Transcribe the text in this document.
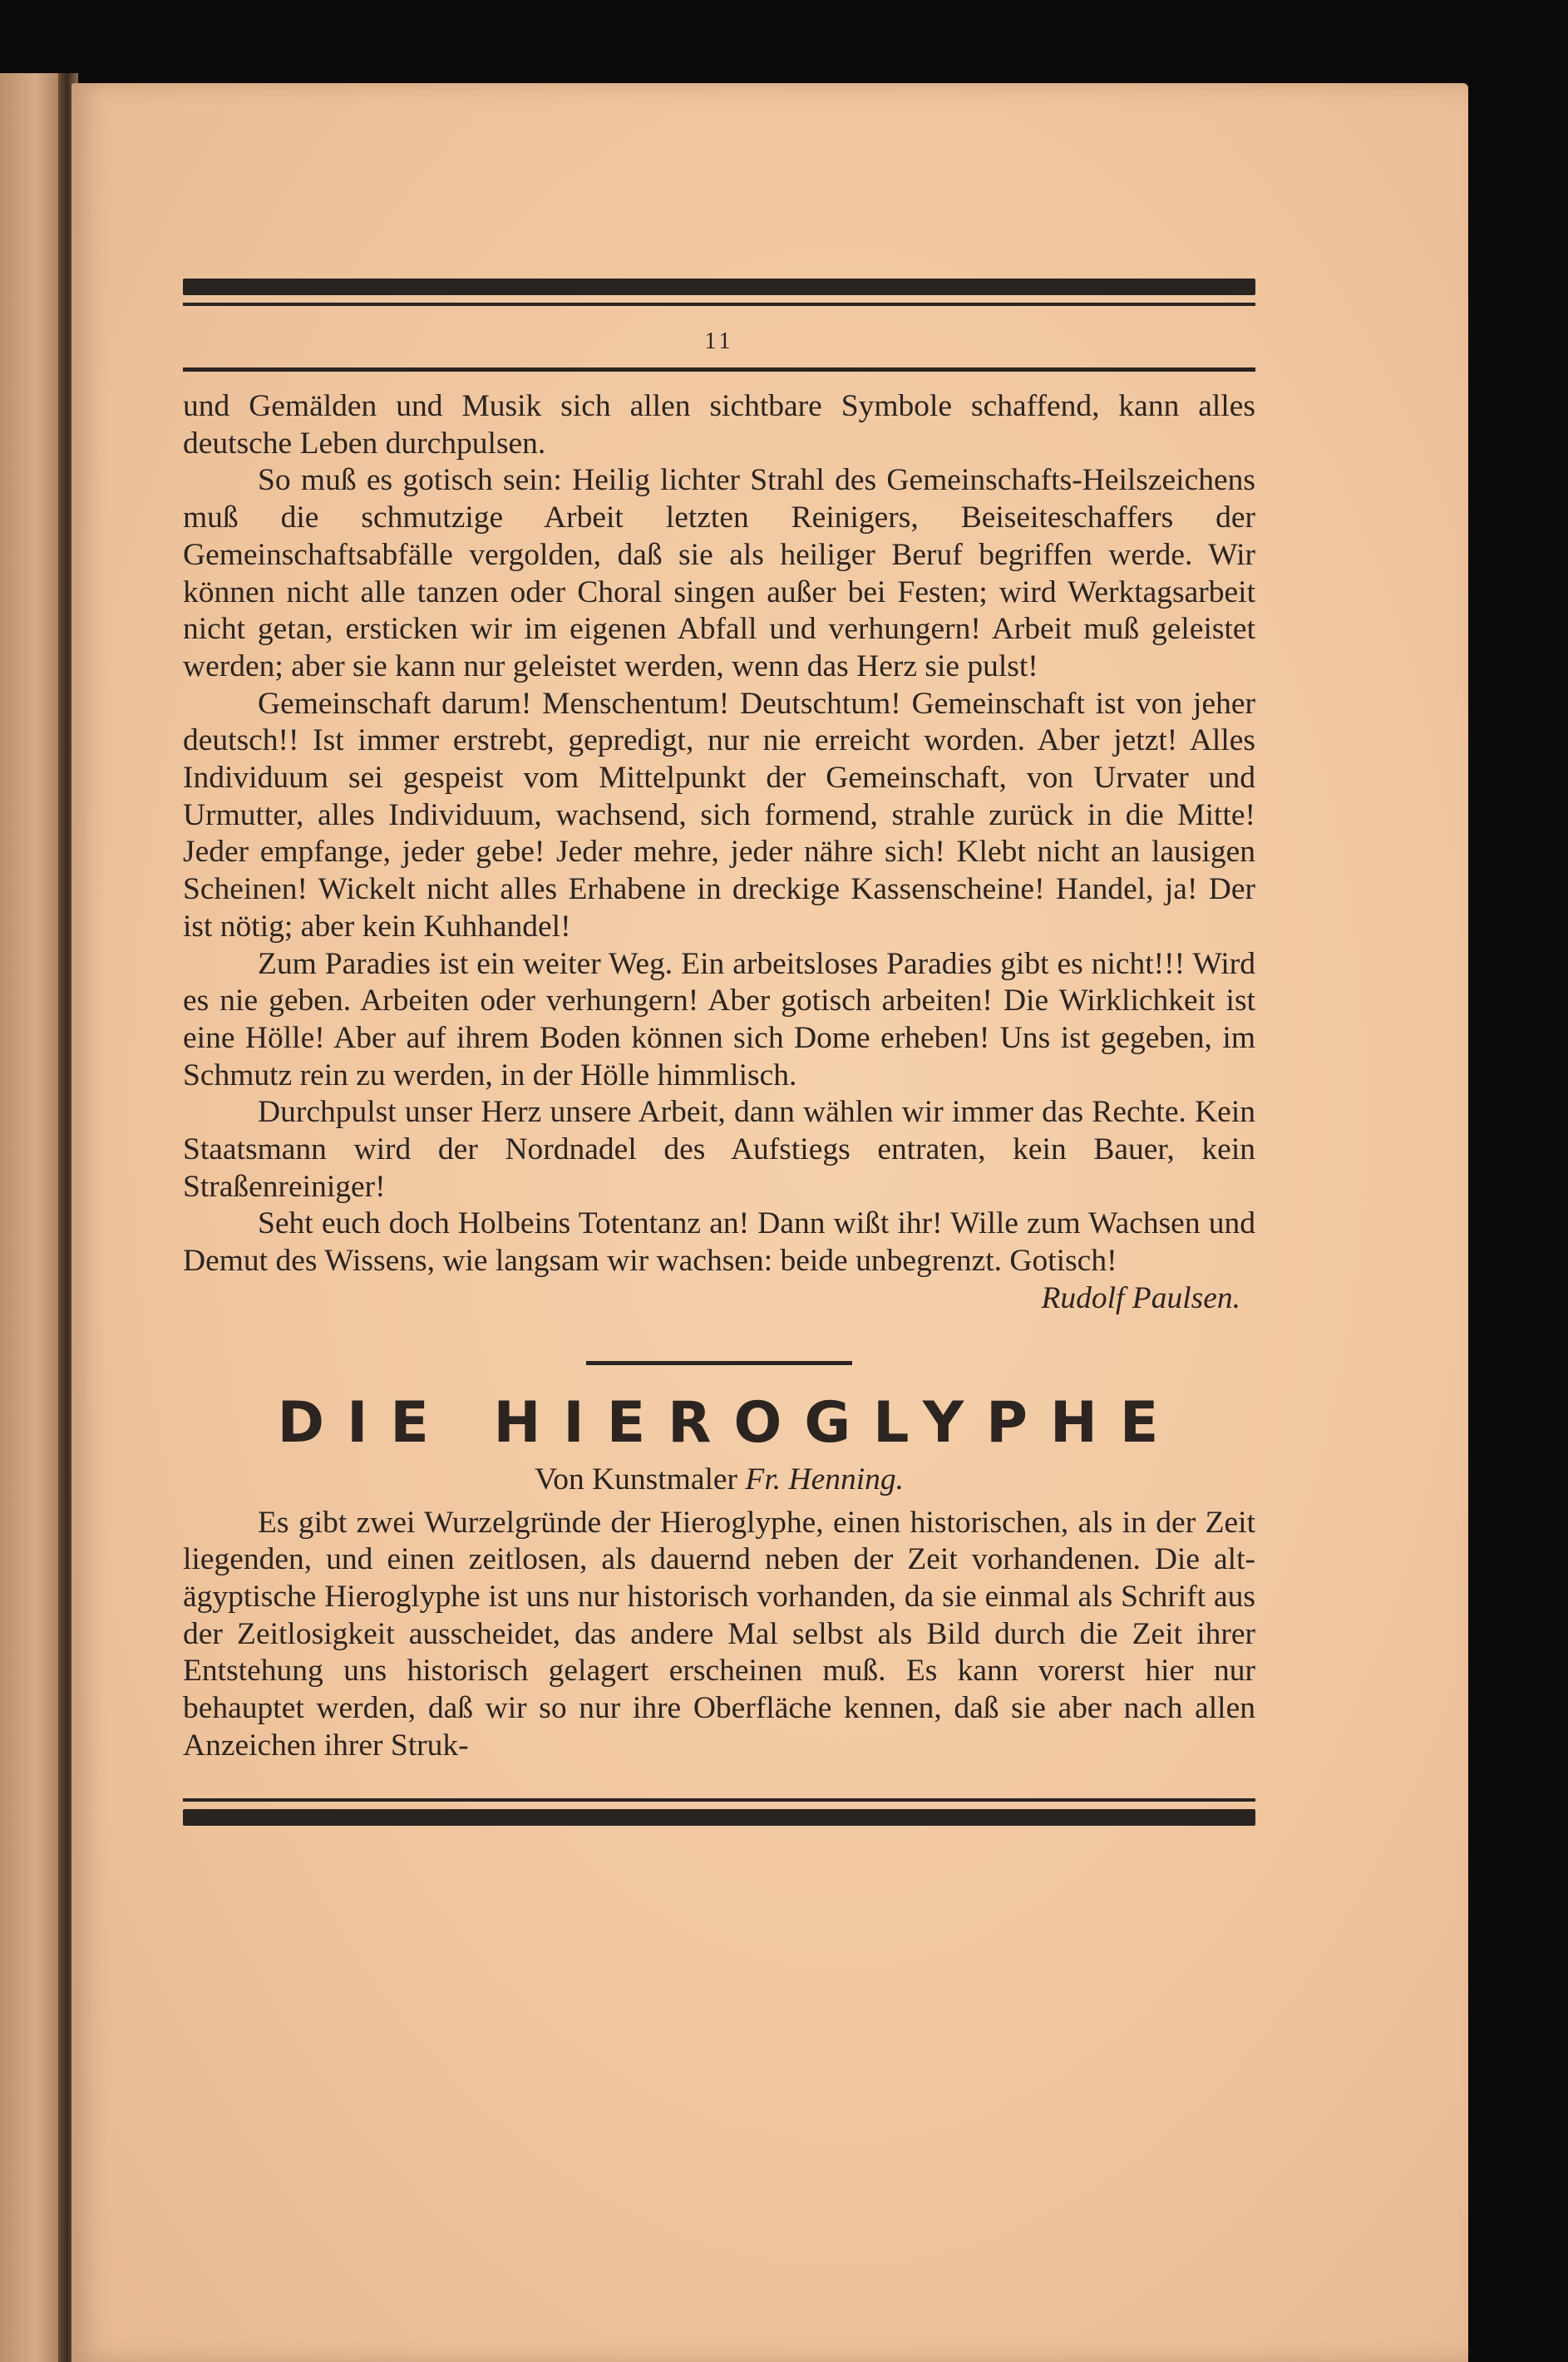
11

und Gemälden und Musik sich allen sichtbare Symbole schaffend, kann alles deutsche Leben durchpulsen.

So muß es gotisch sein: Heilig lichter Strahl des Gemeinschafts-Heilszeichens muß die schmutzige Arbeit letzten Reinigers, Beiseiteschaffers der Gemeinschaftsabfälle vergolden, daß sie als heiliger Beruf begriffen werde. Wir können nicht alle tanzen oder Choral singen außer bei Festen; wird Werktagsarbeit nicht getan, ersticken wir im eigenen Abfall und verhungern! Arbeit muß geleistet werden; aber sie kann nur geleistet werden, wenn das Herz sie pulst!

Gemeinschaft darum! Menschentum! Deutschtum! Gemeinschaft ist von jeher deutsch!! Ist immer erstrebt, gepredigt, nur nie erreicht worden. Aber jetzt! Alles Individuum sei gespeist vom Mittelpunkt der Gemeinschaft, von Urvater und Urmutter, alles Individuum, wachsend, sich formend, strahle zurück in die Mitte! Jeder empfange, jeder gebe! Jeder mehre, jeder nähre sich! Klebt nicht an lausigen Scheinen! Wickelt nicht alles Erhabene in dreckige Kassenscheine! Handel, ja! Der ist nötig; aber kein Kuhhandel!

Zum Paradies ist ein weiter Weg. Ein arbeitsloses Paradies gibt es nicht!!! Wird es nie geben. Arbeiten oder verhungern! Aber gotisch arbeiten! Die Wirklichkeit ist eine Hölle! Aber auf ihrem Boden können sich Dome erheben! Uns ist gegeben, im Schmutz rein zu werden, in der Hölle himmlisch.

Durchpulst unser Herz unsere Arbeit, dann wählen wir immer das Rechte. Kein Staatsmann wird der Nordnadel des Aufstiegs entraten, kein Bauer, kein Straßenreiniger!

Seht euch doch Holbeins Totentanz an! Dann wißt ihr! Wille zum Wachsen und Demut des Wissens, wie langsam wir wachsen: beide unbegrenzt. Gotisch!
Rudolf Paulsen.

DIE HIEROGLYPHE
Von Kunstmaler Fr. Henning.

Es gibt zwei Wurzelgründe der Hieroglyphe, einen historischen, als in der Zeit liegenden, und einen zeitlosen, als dauernd neben der Zeit vorhandenen. Die alt-ägyptische Hieroglyphe ist uns nur historisch vorhanden, da sie einmal als Schrift aus der Zeitlosigkeit ausscheidet, das andere Mal selbst als Bild durch die Zeit ihrer Entstehung uns historisch gelagert erscheinen muß. Es kann vorerst hier nur behauptet werden, daß wir so nur ihre Oberfläche kennen, daß sie aber nach allen Anzeichen ihrer Struk-
